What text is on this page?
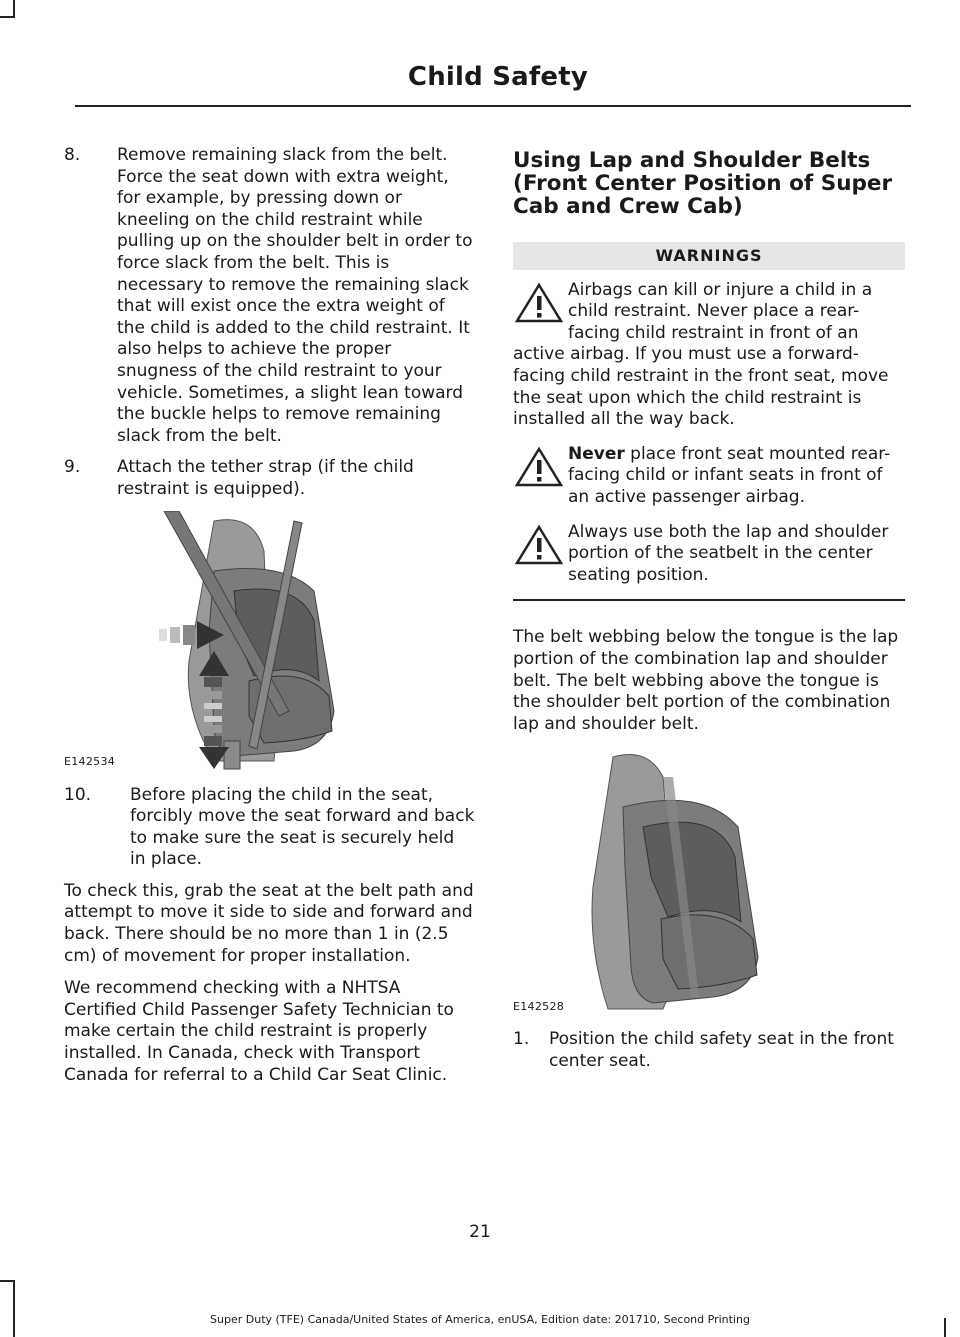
Child Safety
8. Remove remaining slack from the belt. Force the seat down with extra weight, for example, by pressing down or kneeling on the child restraint while pulling up on the shoulder belt in order to force slack from the belt. This is necessary to remove the remaining slack that will exist once the extra weight of the child is added to the child restraint. It also helps to achieve the proper snugness of the child restraint to your vehicle. Sometimes, a slight lean toward the buckle helps to remove remaining slack from the belt.
9. Attach the tether strap (if the child restraint is equipped).
E142534
10. Before placing the child in the seat, forcibly move the seat forward and back to make sure the seat is securely held in place.

To check this, grab the seat at the belt path and attempt to move it side to side and forward and back. There should be no more than 1 in (2.5 cm) of movement for proper installation.

We recommend checking with a NHTSA Certified Child Passenger Safety Technician to make certain the child restraint is properly installed. In Canada, check with Transport Canada for referral to a Child Car Seat Clinic.

Using Lap and Shoulder Belts (Front Center Position of Super Cab and Crew Cab)
WARNINGS
Airbags can kill or injure a child in a child restraint. Never place a rear-facing child restraint in front of an active airbag. If you must use a forward-facing child restraint in the front seat, move the seat upon which the child restraint is installed all the way back.
Never place front seat mounted rear-facing child or infant seats in front of an active passenger airbag.
Always use both the lap and shoulder portion of the seatbelt in the center seating position.

The belt webbing below the tongue is the lap portion of the combination lap and shoulder belt. The belt webbing above the tongue is the shoulder belt portion of the combination lap and shoulder belt.

E142528
1. Position the child safety seat in the front center seat.
21
Super Duty (TFE) Canada/United States of America, enUSA, Edition date: 201710, Second Printing
